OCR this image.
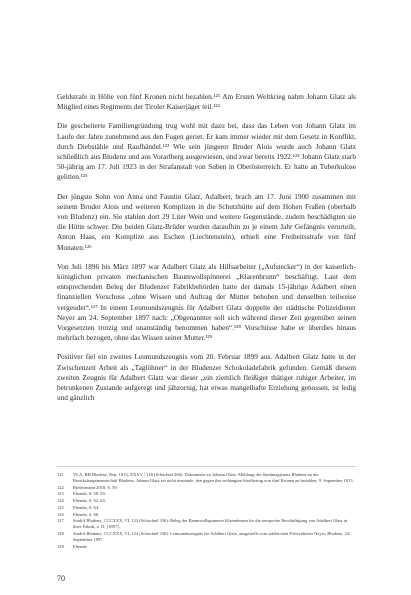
Geldstrafe in Höhe von fünf Kronen nicht bezahlen.¹²¹ Am Ersten Weltkrieg nahm Johann Glatz als Mitglied eines Regiments der Tiroler Kaiserjäger teil.¹²²

Die gescheiterte Familiengründung trug wohl mit dazu bei, dass das Leben von Johann Glatz im Laufe der Jahre zunehmend aus den Fugen geriet. Er kam immer wieder mit dem Gesetz in Konflikt, durch Diebstähle und Raufhändel.¹²³ Wie sein jüngerer Bruder Alois wurde auch Johann Glatz schließlich aus Bludenz und aus Vorarlberg ausgewiesen, und zwar bereits 1922.¹²⁴ Johann Glatz starb 50-jährig am 17. Juli 1923 in der Strafanstalt von Suben in Oberösterreich. Er hatte an Tuberkulose gelitten.¹²⁵

Der jüngste Sohn von Anna und Faustin Glatz, Adalbert, brach am 17. Juni 1900 zusammen mit seinem Bruder Alois und weiteren Komplizen in die Schutzhütte auf dem Hohen Fraßen (oberhalb von Bludenz) ein. Sie stahlen dort 29 Liter Wein und weitere Gegenstände, zudem beschädigten sie die Hütte schwer. Die beiden Glatz-Brüder wurden daraufhin zu je einem Jahr Gefängnis verurteilt, Anton Haas, ein Komplize aus Eschen (Liechtenstein), erhielt eine Freiheitsstrafe von fünf Monaten.¹²⁶

Von Juli 1896 bis März 1897 war Adalbert Glatz als Hilfsarbeiter („Aufstecker“) in der kaiserlich-königlichen privaten mechanischen Baumwollspinnerei „Klarenbrunn“ beschäftigt. Laut dem entsprechenden Beleg der Bludenzer Fabrikbehörden hatte der damals 15-jährige Adalbert einen finanziellen Vorschuss „ohne Wissen und Auftrag der Mutter behoben und denselben teilweise vergeudet“.¹²⁷ In einem Leumundszeugnis für Adalbert Glatz doppelte der städtische Polizeidiener Neyer am 24. September 1897 nach: „Obgenannter soll sich während dieser Zeit gegenüber seinen Vorgesetzten trotzig und unanständig benommen haben“.¹²⁸ Vorschüsse habe er überdies hinaus mehrfach bezogen, ohne das Wissen seiner Mutter.¹²⁹

Positiver fiel ein zweites Leumundszeugnis vom 20. Februar 1899 aus. Adalbert Glatz hatte in der Zwischenzeit Arbeit als „Taglöhner“ in der Bludenzer Schokoladefabrik gefunden. Gemäß diesem zweiten Zeugnis für Adalbert Glatz war dieser „ein ziemlich fleißiger thätiger ruhiger Arbeiter, im betrunkenen Zustande aufgeregt und jähzornig, hat etwas mangelhafte Erziehung genossen, ist ledig und gänzlich

121	VLA, BH Bludenz, Rep. 1913, XXXV / 118 (Schachtel 266), Dokumente zu Johann Glatz: Meldung des Stadtmagistrats Bludenz an die Bezirkshauptmannschaft Bludenz: Johann Glatz sei nicht imstande, den gegen ihn verhängten Strafbetrag von fünf Kronen zu bezahlen, 9. September 1913.
122	Biedermann 2018, S. 59.
123	Ebenda, S. 58–59.
124	Ebenda, S. 62–63.
125	Ebenda, S. 64.
126	Ebenda, S. 66.
127	StadtA Bludenz, CCCXXX, VI, 122 (Schachtel 336): Beleg der Baumwollspinnerei Klarenbrunn für die temporäre Beschäftigung von Adalbert Glatz in ihrer Fabrik, o. D. [1897].
128	StadtA Bludenz, CCCXXX, VI, 122 (Schachtel 336): Leumundszeugnis für Adalbert Glatz, ausgestellt vom städtischen Polizeidiener Neyer, Bludenz, 24. September 1897.
129	Ebenda.
70
